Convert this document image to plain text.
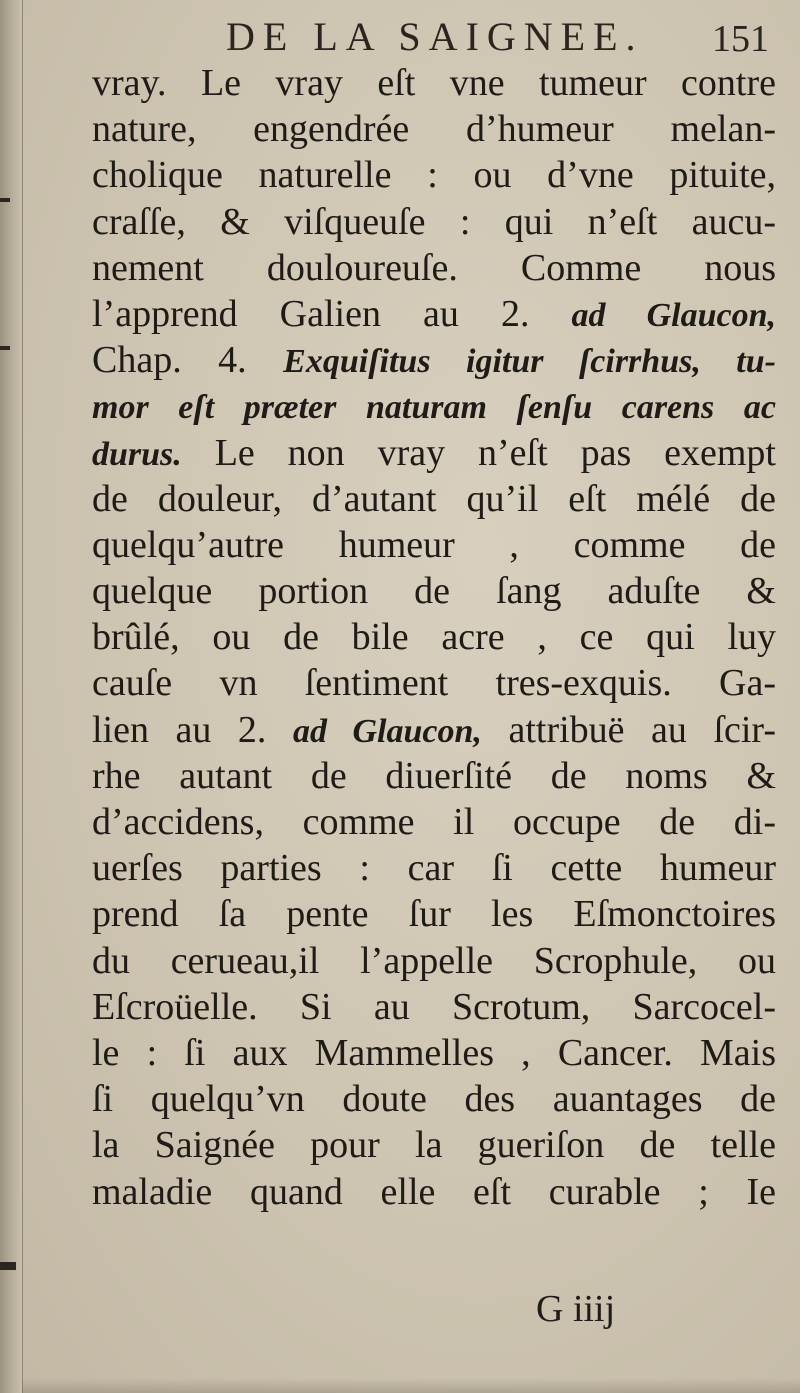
DE LA SAIGNEE. 151
vray. Le vray eſt vne tumeur contre
nature, engendrée d’humeur melan-
cholique naturelle : ou d’vne pituite,
craſſe, & viſqueuſe : qui n’eſt aucu-
nement douloureuſe. Comme nous
l’apprend Galien au 2. ad Glaucon,
Chap. 4. Exquiſitus igitur ſcirrhus, tu-
mor eſt præter naturam ſenſu carens ac
durus. Le non vray n’eſt pas exempt
de douleur, d’autant qu’il eſt mélé de
quelqu’autre humeur , comme de
quelque portion de ſang aduſte &
brûlé, ou de bile acre , ce qui luy
cauſe vn ſentiment tres-exquis. Ga-
lien au 2. ad Glaucon, attribuë au ſcir-
rhe autant de diuerſité de noms &
d’accidens, comme il occupe de di-
uerſes parties : car ſi cette humeur
prend ſa pente ſur les Eſmonctoires
du cerueau,il l’appelle Scrophule, ou
Eſcroüelle. Si au Scrotum, Sarcocel-
le : ſi aux Mammelles , Cancer. Mais
ſi quelqu’vn doute des auantages de
la Saignée pour la gueriſon de telle
maladie quand elle eſt curable ; Ie
G iiij
